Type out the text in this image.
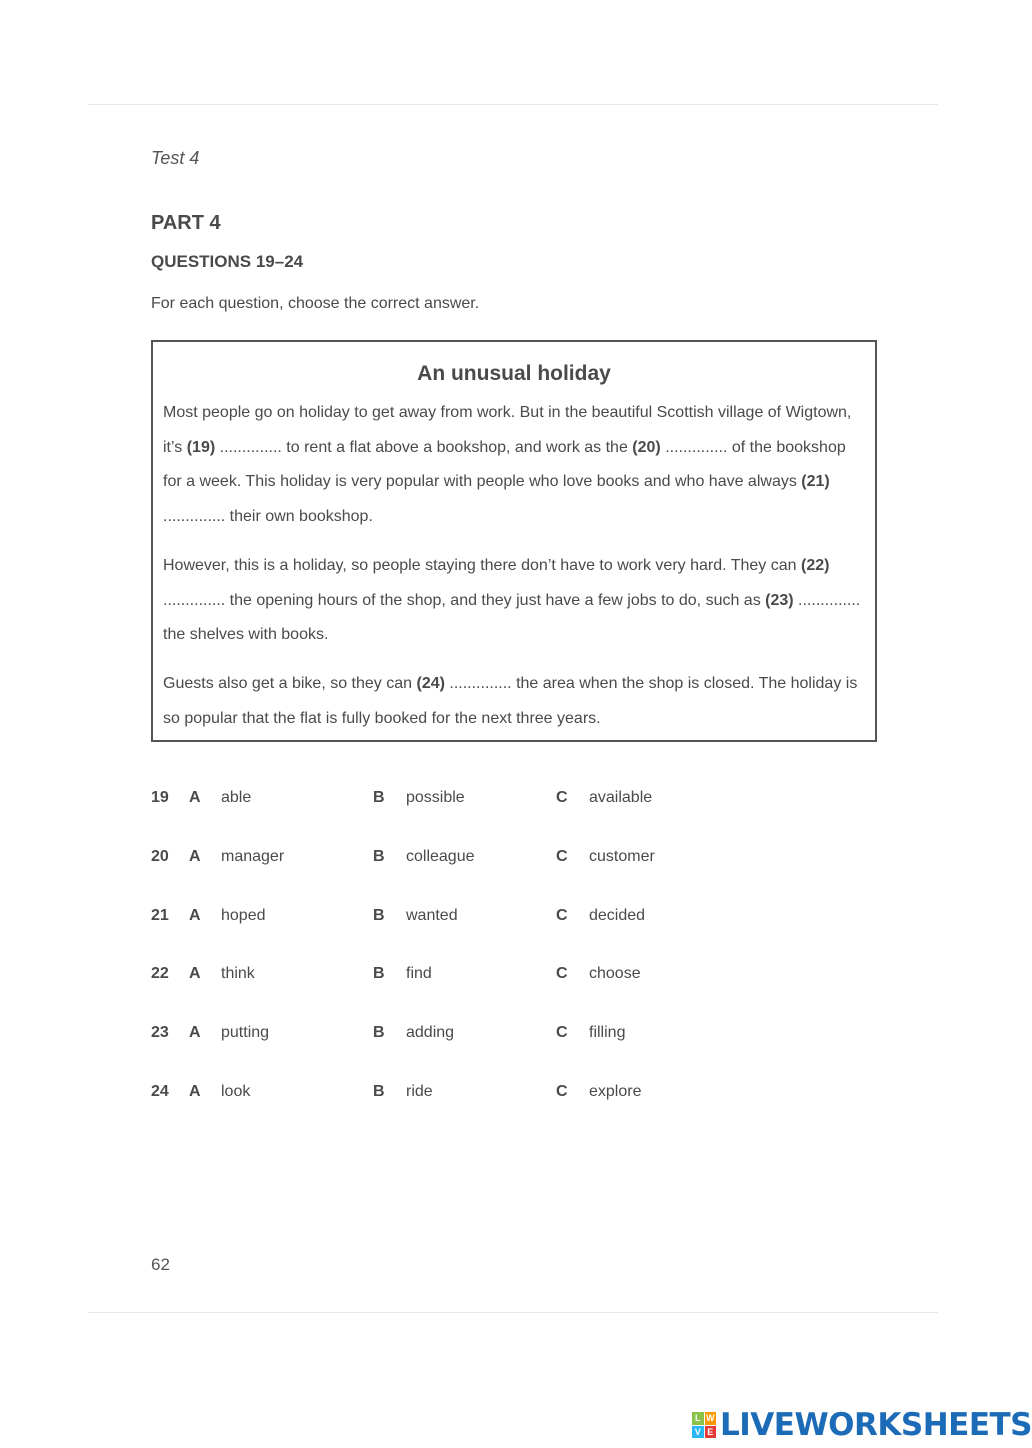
Test 4
PART 4
QUESTIONS 19–24
For each question, choose the correct answer.
An unusual holiday

Most people go on holiday to get away from work. But in the beautiful Scottish village of Wigtown, it’s (19) .............. to rent a flat above a bookshop, and work as the (20) .............. of the bookshop for a week. This holiday is very popular with people who love books and who have always (21) .............. their own bookshop.

However, this is a holiday, so people staying there don’t have to work very hard. They can (22) .............. the opening hours of the shop, and they just have a few jobs to do, such as (23) .............. the shelves with books.

Guests also get a bike, so they can (24) .............. the area when the shop is closed. The holiday is so popular that the flat is fully booked for the next three years.

19 A able	B possible	C available
20 A manager	B colleague	C customer
21 A hoped	B wanted	C decided
22 A think	B find	C choose
23 A putting	B adding	C filling
24 A look	B ride	C explore
62
L W
V E LIVEWORKSHEETS
